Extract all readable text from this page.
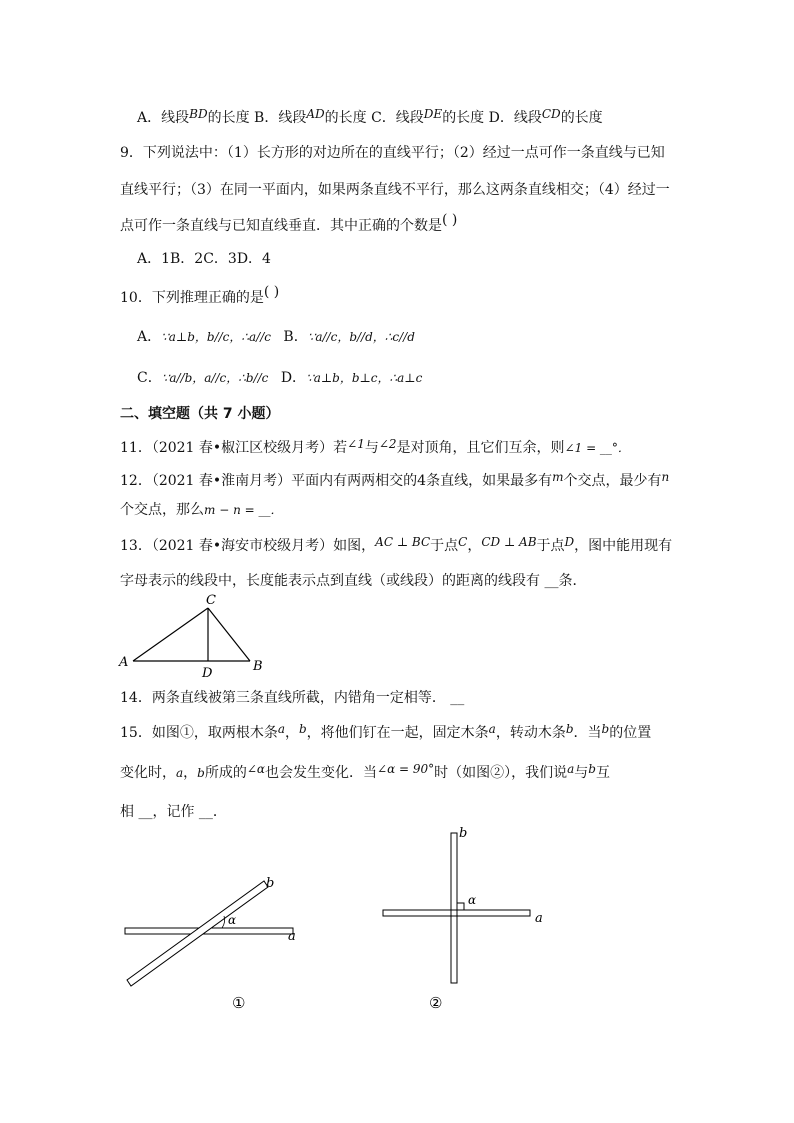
A．线段BD的长度 B．线段AD的长度 C．线段DE的长度 D．线段CD的长度
9．下列说法中：（1）长方形的对边所在的直线平行；（2）经过一点可作一条直线与已知
直线平行；（3）在同一平面内，如果两条直线不平行，那么这两条直线相交；（4）经过一
点可作一条直线与已知直线垂直．其中正确的个数是( )
A．1B．2C．3D．4
10．下列推理正确的是( )
A．∵a⊥b，b//c，∴a//c B．∵a//c，b//d，∴c//d
C．∵a//b，a//c，∴b//c D．∵a⊥b，b⊥c，∴a⊥c
二、填空题（共 7 小题）
11．（2021 春•椒江区校级月考）若∠1与∠2是对顶角，且它们互余，则∠1 = __°．
12．（2021 春•淮南月考）平面内有两两相交的4条直线，如果最多有m个交点，最少有n
个交点，那么m − n = __．
13．（2021 春•海安市校级月考）如图，AC ⊥ BC于点C，CD ⊥ AB于点D，图中能用现有
字母表示的线段中，长度能表示点到直线（或线段）的距离的线段有 __条．
C
A	B
D
14．两条直线被第三条直线所截，内错角一定相等． __
15．如图①，取两根木条a，b，将他们钉在一起，固定木条a，转动木条b．当b的位置
变化时，a，b所成的∠α也会发生变化．当∠α = 90°时（如图②），我们说a与b互
相 __，记作 __．
α
b
a
①
α
b
a
②
